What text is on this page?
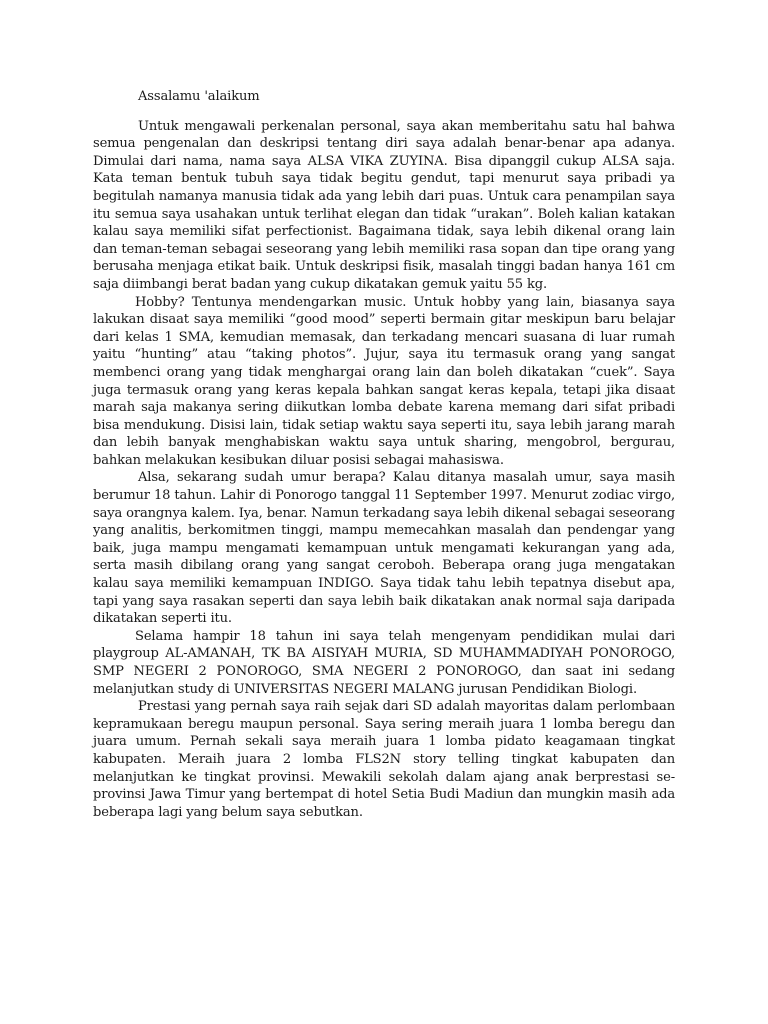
Assalamu 'alaikum

Untuk mengawali perkenalan personal, saya akan memberitahu satu hal bahwa semua pengenalan dan deskripsi tentang diri saya adalah benar-benar apa adanya. Dimulai dari nama, nama saya ALSA VIKA ZUYINA. Bisa dipanggil cukup ALSA saja. Kata teman bentuk tubuh saya tidak begitu gendut, tapi menurut saya pribadi ya begitulah namanya manusia tidak ada yang lebih dari puas. Untuk cara penampilan saya itu semua saya usahakan untuk terlihat elegan dan tidak “urakan”. Boleh kalian katakan kalau saya memiliki sifat perfectionist. Bagaimana tidak, saya lebih dikenal orang lain dan teman-teman sebagai seseorang yang lebih memiliki rasa sopan dan tipe orang yang berusaha menjaga etikat baik. Untuk deskripsi fisik, masalah tinggi badan hanya 161 cm saja diimbangi berat badan yang cukup dikatakan gemuk yaitu 55 kg.

Hobby? Tentunya mendengarkan music. Untuk hobby yang lain, biasanya saya lakukan disaat saya memiliki “good mood” seperti bermain gitar meskipun baru belajar dari kelas 1 SMA, kemudian memasak, dan terkadang mencari suasana di luar rumah yaitu “hunting” atau “taking photos”. Jujur, saya itu termasuk orang yang sangat membenci orang yang tidak menghargai orang lain dan boleh dikatakan “cuek”. Saya juga termasuk orang yang keras kepala bahkan sangat keras kepala, tetapi jika disaat marah saja makanya sering diikutkan lomba debate karena memang dari sifat pribadi bisa mendukung. Disisi lain, tidak setiap waktu saya seperti itu, saya lebih jarang marah dan lebih banyak menghabiskan waktu saya untuk sharing, mengobrol, bergurau, bahkan melakukan kesibukan diluar posisi sebagai mahasiswa.

Alsa, sekarang sudah umur berapa? Kalau ditanya masalah umur, saya masih berumur 18 tahun. Lahir di Ponorogo tanggal 11 September 1997. Menurut zodiac virgo, saya orangnya kalem. Iya, benar. Namun terkadang saya lebih dikenal sebagai seseorang yang analitis, berkomitmen tinggi, mampu memecahkan masalah dan pendengar yang baik, juga mampu mengamati kemampuan untuk mengamati kekurangan yang ada, serta masih dibilang orang yang sangat ceroboh. Beberapa orang juga mengatakan kalau saya memiliki kemampuan INDIGO. Saya tidak tahu lebih tepatnya disebut apa, tapi yang saya rasakan seperti dan saya lebih baik dikatakan anak normal saja daripada dikatakan seperti itu.

Selama hampir 18 tahun ini saya telah mengenyam pendidikan mulai dari playgroup AL-AMANAH, TK BA AISIYAH MURIA, SD MUHAMMADIYAH PONOROGO, SMP NEGERI 2 PONOROGO, SMA NEGERI 2 PONOROGO, dan saat ini sedang melanjutkan study di UNIVERSITAS NEGERI MALANG jurusan Pendidikan Biologi.

Prestasi yang pernah saya raih sejak dari SD adalah mayoritas dalam perlombaan kepramukaan beregu maupun personal. Saya sering meraih juara 1 lomba beregu dan juara umum. Pernah sekali saya meraih juara 1 lomba pidato keagamaan tingkat kabupaten. Meraih juara 2 lomba FLS2N story telling tingkat kabupaten dan melanjutkan ke tingkat provinsi. Mewakili sekolah dalam ajang anak berprestasi se-provinsi Jawa Timur yang bertempat di hotel Setia Budi Madiun dan mungkin masih ada beberapa lagi yang belum saya sebutkan.
